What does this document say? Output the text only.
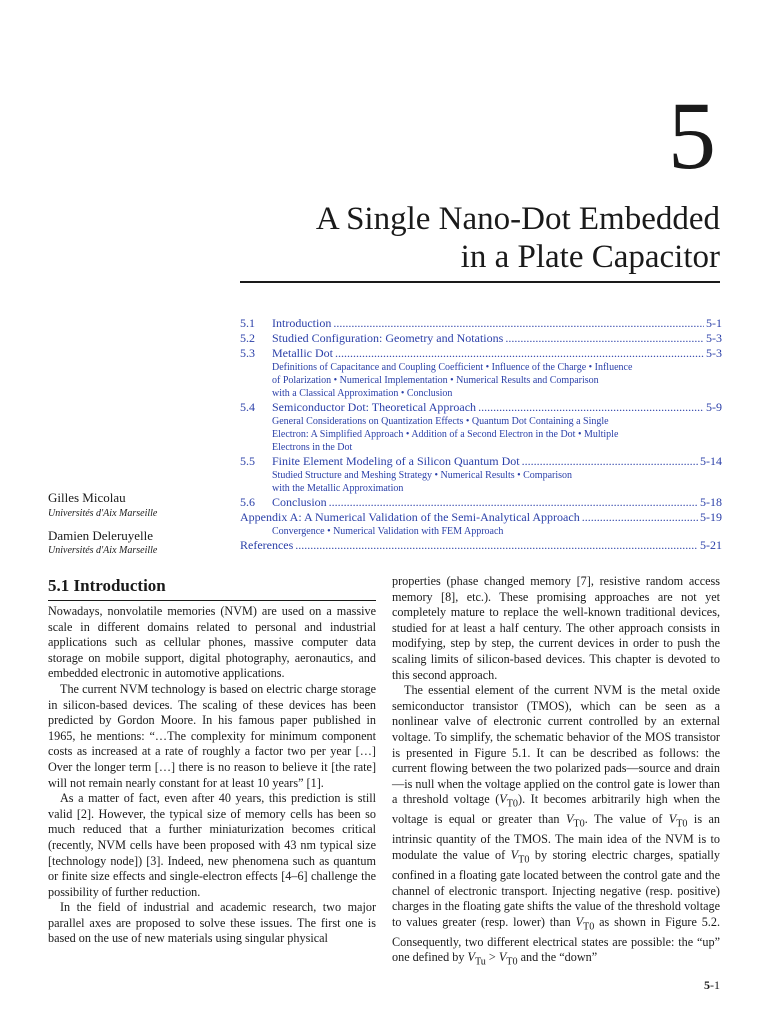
5
A Single Nano-Dot Embedded
in a Plate Capacitor
5.1	Introduction .....	5-1
5.2	Studied Configuration: Geometry and Notations .....	5-3
5.3	Metallic Dot .....	5-3
Definitions of Capacitance and Coupling Coefficient • Influence of the Charge • Influence
of Polarization • Numerical Implementation • Numerical Results and Comparison
with a Classical Approximation • Conclusion
5.4	Semiconductor Dot: Theoretical Approach .....	5-9
General Considerations on Quantization Effects • Quantum Dot Containing a Single
Electron: A Simplified Approach • Addition of a Second Electron in the Dot • Multiple
Electrons in the Dot
5.5	Finite Element Modeling of a Silicon Quantum Dot .....	5-14
Studied Structure and Meshing Strategy • Numerical Results • Comparison
with the Metallic Approximation
5.6	Conclusion .....	5-18
Appendix A: A Numerical Validation of the Semi-Analytical Approach .....	5-19
Convergence • Numerical Validation with FEM Approach
References .....	5-21
Gilles Micolau
Universités d'Aix Marseille
Damien Deleruyelle
Universités d'Aix Marseille
5.1 Introduction

Nowadays, nonvolatile memories (NVM) are used on a massive scale in different domains related to personal and industrial applications such as cellular phones, massive computer data storage on mobile support, digital photography, aeronautics, and embedded electronic in automotive applications.

The current NVM technology is based on electric charge storage in silicon-based devices. The scaling of these devices has been predicted by Gordon Moore. In his famous paper published in 1965, he mentions: “…The complexity for minimum component costs as increased at a rate of roughly a factor two per year […] Over the longer term […] there is no reason to believe it [the rate] will not remain nearly constant for at least 10 years” [1].

As a matter of fact, even after 40 years, this prediction is still valid [2]. However, the typical size of memory cells has been so much reduced that a further miniaturization becomes critical (recently, NVM cells have been proposed with 43 nm typical size [technology node]) [3]. Indeed, new phenomena such as quantum or finite size effects and single-electron effects [4–6] challenge the possibility of further reduction.

In the field of industrial and academic research, two major parallel axes are proposed to solve these issues. The first one is based on the use of new materials using singular physical

properties (phase changed memory [7], resistive random access memory [8], etc.). These promising approaches are not yet completely mature to replace the well-known traditional devices, studied for at least a half century. The other approach consists in modifying, step by step, the current devices in order to push the scaling limits of silicon-based devices. This chapter is devoted to this second approach.

The essential element of the current NVM is the metal oxide semiconductor transistor (TMOS), which can be seen as a nonlinear valve of electronic current controlled by an external voltage. To simplify, the schematic behavior of the MOS transistor is presented in Figure 5.1. It can be described as follows: the current flowing between the two polarized pads—source and drain—is null when the voltage applied on the control gate is lower than a threshold voltage $(V_{T0})$. It becomes arbitrarily high when the voltage is equal or greater than $V_{T0}$. The value of $V_{T0}$ is an intrinsic quantity of the TMOS. The main idea of the NVM is to modulate the value of $V_{T0}$ by storing electric charges, spatially confined in a floating gate located between the control gate and the channel of electronic transport. Injecting negative (resp. positive) charges in the floating gate shifts the value of the threshold voltage to values greater (resp. lower) than $V_{T0}$ as shown in Figure 5.2. Consequently, two different electrical states are possible: the “up” one defined by $V_{Tu} > V_{T0}$ and the “down”

5-1
